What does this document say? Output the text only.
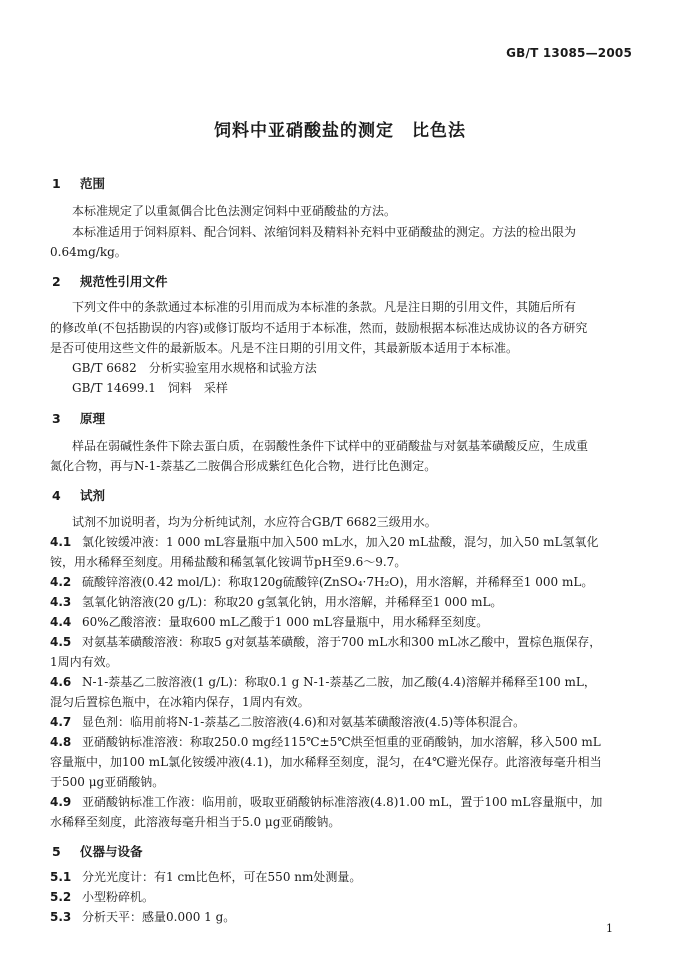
GB/T 13085—2005
饲料中亚硝酸盐的测定　比色法
1 范围
本标准规定了以重氮偶合比色法测定饲料中亚硝酸盐的方法。
本标准适用于饲料原料、配合饲料、浓缩饲料及精料补充料中亚硝酸盐的测定。方法的检出限为
0.64mg/kg。
2 规范性引用文件
下列文件中的条款通过本标准的引用而成为本标准的条款。凡是注日期的引用文件，其随后所有
的修改单(不包括勘误的内容)或修订版均不适用于本标准，然而，鼓励根据本标准达成协议的各方研究
是否可使用这些文件的最新版本。凡是不注日期的引用文件，其最新版本适用于本标准。
GB/T 6682　分析实验室用水规格和试验方法
GB/T 14699.1　饲料　采样
3 原理
样品在弱碱性条件下除去蛋白质，在弱酸性条件下试样中的亚硝酸盐与对氨基苯磺酸反应，生成重
氮化合物，再与N-1-萘基乙二胺偶合形成紫红色化合物，进行比色测定。
4 试剂
试剂不加说明者，均为分析纯试剂，水应符合GB/T 6682三级用水。
4.1 氯化铵缓冲液：1 000 mL容量瓶中加入500 mL水，加入20 mL盐酸，混匀，加入50 mL氢氧化
铵，用水稀释至刻度。用稀盐酸和稀氢氧化铵调节pH至9.6～9.7。
4.2 硫酸锌溶液(0.42 mol/L)：称取120g硫酸锌(ZnSO₄·7H₂O)，用水溶解，并稀释至1 000 mL。
4.3 氢氧化钠溶液(20 g/L)：称取20 g氢氧化钠，用水溶解，并稀释至1 000 mL。
4.4 60%乙酸溶液：量取600 mL乙酸于1 000 mL容量瓶中，用水稀释至刻度。
4.5 对氨基苯磺酸溶液：称取5 g对氨基苯磺酸，溶于700 mL水和300 mL冰乙酸中，置棕色瓶保存，
1周内有效。
4.6 N-1-萘基乙二胺溶液(1 g/L)：称取0.1 g N-1-萘基乙二胺，加乙酸(4.4)溶解并稀释至100 mL，
混匀后置棕色瓶中，在冰箱内保存，1周内有效。
4.7 显色剂：临用前将N-1-萘基乙二胺溶液(4.6)和对氨基苯磺酸溶液(4.5)等体积混合。
4.8 亚硝酸钠标准溶液：称取250.0 mg经115℃±5℃烘至恒重的亚硝酸钠，加水溶解，移入500 mL
容量瓶中，加100 mL氯化铵缓冲液(4.1)，加水稀释至刻度，混匀，在4℃避光保存。此溶液每毫升相当
于500 μg亚硝酸钠。
4.9 亚硝酸钠标准工作液：临用前，吸取亚硝酸钠标准溶液(4.8)1.00 mL，置于100 mL容量瓶中，加
水稀释至刻度，此溶液每毫升相当于5.0 μg亚硝酸钠。
5 仪器与设备
5.1 分光光度计：有1 cm比色杯，可在550 nm处测量。
5.2 小型粉碎机。
5.3 分析天平：感量0.000 1 g。
1
